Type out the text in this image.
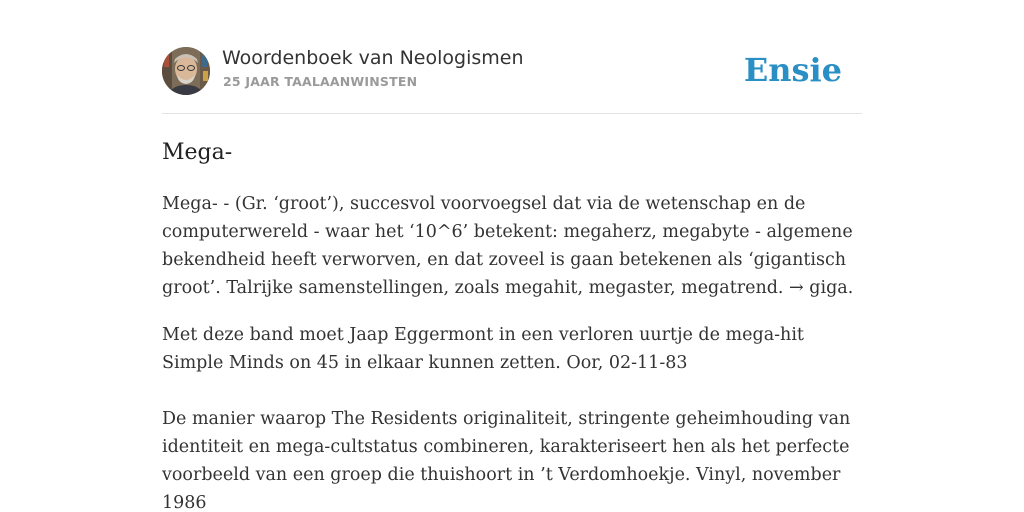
Woordenboek van Neologismen
25 JAAR TAALAANWINSTEN	Ensie
Mega-

Mega- - (Gr. ‘groot’), succesvol voorvoegsel dat via de wetenschap en de computerwereld - waar het ‘10^6’ betekent: megaherz, megabyte - algemene bekendheid heeft verworven, en dat zoveel is gaan betekenen als ‘gigantisch groot’. Talrijke samenstellingen, zoals megahit, megaster, megatrend. → giga.

Met deze band moet Jaap Eggermont in een verloren uurtje de mega-hit Simple Minds on 45 in elkaar kunnen zetten. Oor, 02-11-83

De manier waarop The Residents originaliteit, stringente geheimhouding van identiteit en mega-cultstatus combineren, karakteriseert hen als het perfecte voorbeeld van een groep die thuishoort in ’t Verdomhoekje. Vinyl, november 1986
